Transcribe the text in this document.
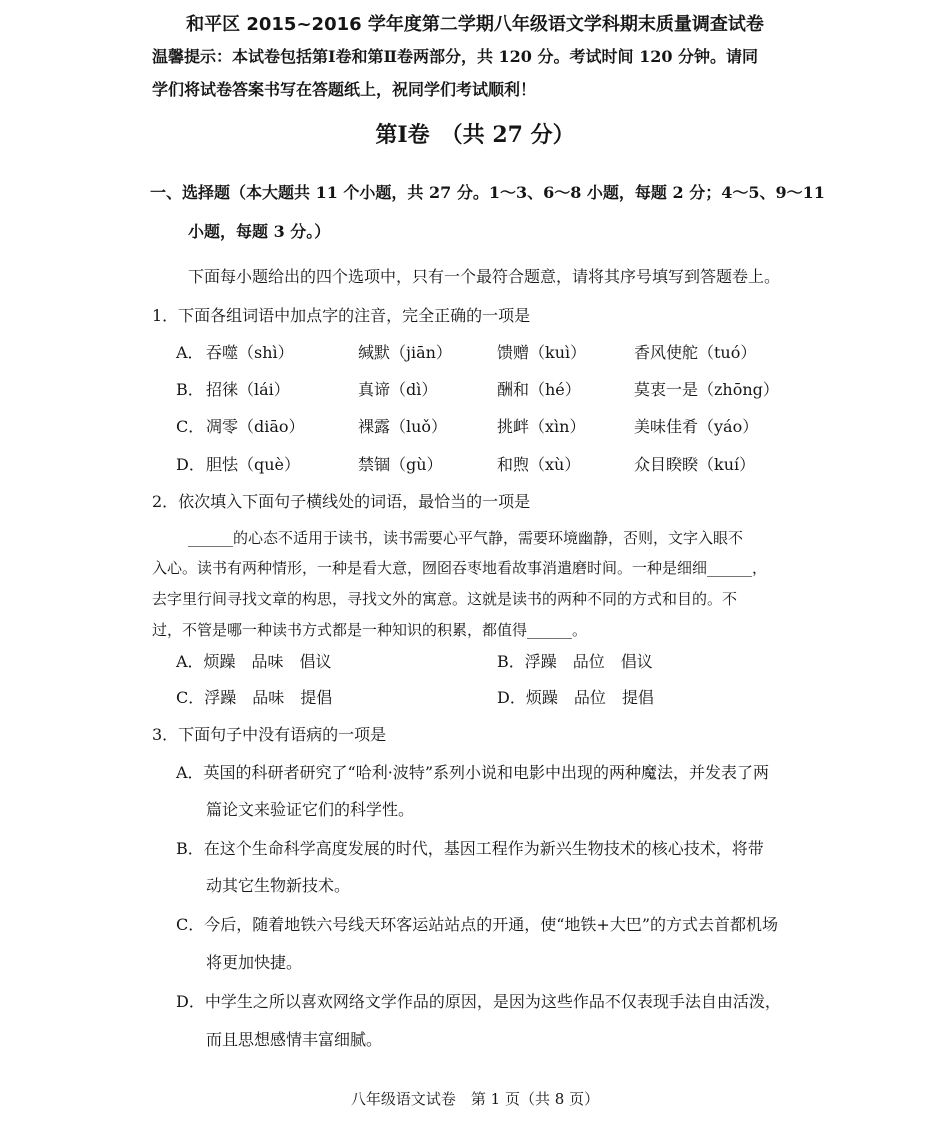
和平区 2015~2016 学年度第二学期八年级语文学科期末质量调查试卷
温馨提示：本试卷包括第Ⅰ卷和第Ⅱ卷两部分，共 120 分。考试时间 120 分钟。请同
学们将试卷答案书写在答题纸上，祝同学们考试顺利！
第Ⅰ卷　（共 27 分）
一、选择题（本大题共 11 个小题，共 27 分。1～3、6～8 小题，每题 2 分；4～5、9～11
小题，每题 3 分。）
下面每小题给出的四个选项中，只有一个最符合题意，请将其序号填写到答题卷上。
1．下面各组词语中加点字的注音，完全正确的一项是
A． 吞噬（shì）	缄默（jiān）	馈赠（kuì）	香风使舵（tuó）
B． 招徕（lái）	真谛（dì）	酬和（hé）	莫衷一是（zhōng）
C． 凋零（diāo）	裸露（luǒ）	挑衅（xìn）	美味佳肴（yáo）
D． 胆怯（què）	禁锢（gù）	和煦（xù）	众目睽睽（kuí）
2．依次填入下面句子横线处的词语，最恰当的一项是
______的心态不适用于读书，读书需要心平气静，需要环境幽静，否则，文字入眼不
入心。读书有两种情形，一种是看大意，囫囵吞枣地看故事消遣磨时间。一种是细细______，
去字里行间寻找文章的构思，寻找文外的寓意。这就是读书的两种不同的方式和目的。不
过，不管是哪一种读书方式都是一种知识的积累，都值得______。
A．烦躁　品味　倡议	B．浮躁　品位　倡议
C．浮躁　品味　提倡	D．烦躁　品位　提倡
3．下面句子中没有语病的一项是
A．英国的科研者研究了“哈利·波特”系列小说和电影中出现的两种魔法，并发表了两
篇论文来验证它们的科学性。
B．在这个生命科学高度发展的时代，基因工程作为新兴生物技术的核心技术，将带
动其它生物新技术。
C．今后，随着地铁六号线天环客运站站点的开通，使“地铁+大巴”的方式去首都机场
将更加快捷。
D．中学生之所以喜欢网络文学作品的原因，是因为这些作品不仅表现手法自由活泼，
而且思想感情丰富细腻。
八年级语文试卷　第 1 页（共 8 页）
